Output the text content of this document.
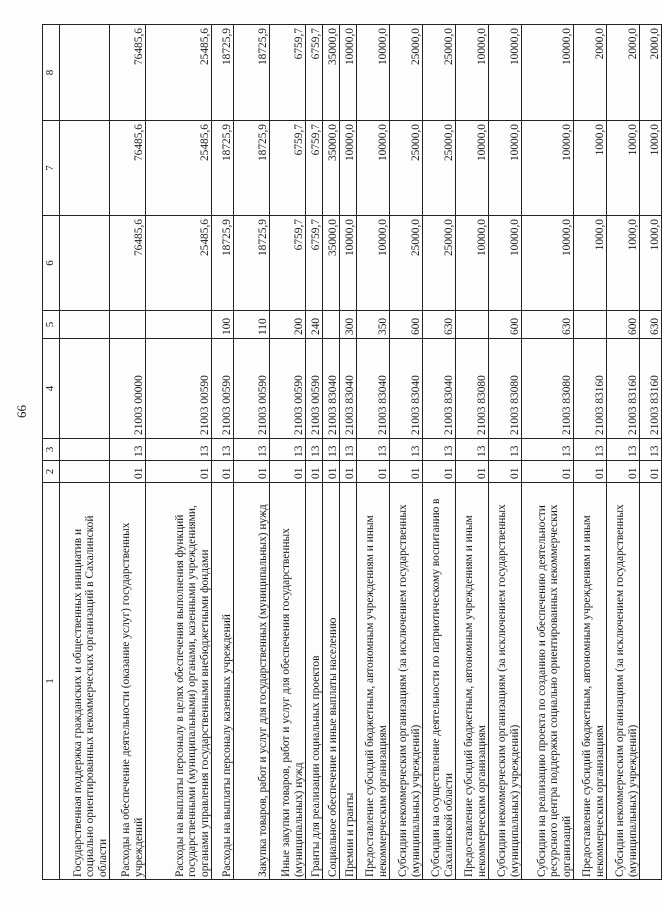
66
1	2	3	4	5	6	7	8
Государственная поддержка гражданских и общественных инициатив и социально ориентированных некоммерческих организаций в Сахалинской области							
Расходы на обеспечение деятельности (оказание услуг) государственных учреждений	01	13	21003 00000		76485,6	76485,6	76485,6
Расходы на выплаты персоналу в целях обеспечения выполнения функций государственными (муниципальными) органами, казенными учреждениями, органами управления государственными внебюджетными фондами	01	13	21003 00590		25485,6	25485,6	25485,6
Расходы на выплаты персоналу казенных учреждений	01	13	21003 00590	100	18725,9	18725,9	18725,9
Закупка товаров, работ и услуг для государственных (муниципальных) нужд	01	13	21003 00590	110	18725,9	18725,9	18725,9
Иные закупки товаров, работ и услуг для обеспечения государственных (муниципальных) нужд	01	13	21003 00590	200	6759,7	6759,7	6759,7
Гранты для реализации социальных проектов	01	13	21003 00590	240	6759,7	6759,7	6759,7
Социальное обеспечение и иные выплаты населению	01	13	21003 83040		35000,0	35000,0	35000,0
Премии и гранты	01	13	21003 83040	300	10000,0	10000,0	10000,0
Предоставление субсидий бюджетным, автономным учреждениям и иным некоммерческим организациям	01	13	21003 83040	350	10000,0	10000,0	10000,0
Субсидии некоммерческим организациям (за исключением государственных (муниципальных) учреждений)	01	13	21003 83040	600	25000,0	25000,0	25000,0
Субсидии на осуществление деятельности по патриотическому воспитанию в Сахалинской области	01	13	21003 83040	630	25000,0	25000,0	25000,0
Предоставление субсидий бюджетным, автономным учреждениям и иным некоммерческим организациям	01	13	21003 83080		10000,0	10000,0	10000,0
Субсидии некоммерческим организациям (за исключением государственных (муниципальных) учреждений)	01	13	21003 83080	600	10000,0	10000,0	10000,0
Субсидии на реализацию проекта по созданию и обеспечению деятельности ресурсного центра поддержки социально ориентированных некоммерческих организаций	01	13	21003 83080	630	10000,0	10000,0	10000,0
Предоставление субсидий бюджетным, автономным учреждениям и иным некоммерческим организациям	01	13	21003 83160		1000,0	1000,0	2000,0
Субсидии некоммерческим организациям (за исключением государственных (муниципальных) учреждений)	01	13	21003 83160	600	1000,0	1000,0	2000,0
	01	13	21003 83160	630	1000,0	1000,0	2000,0
